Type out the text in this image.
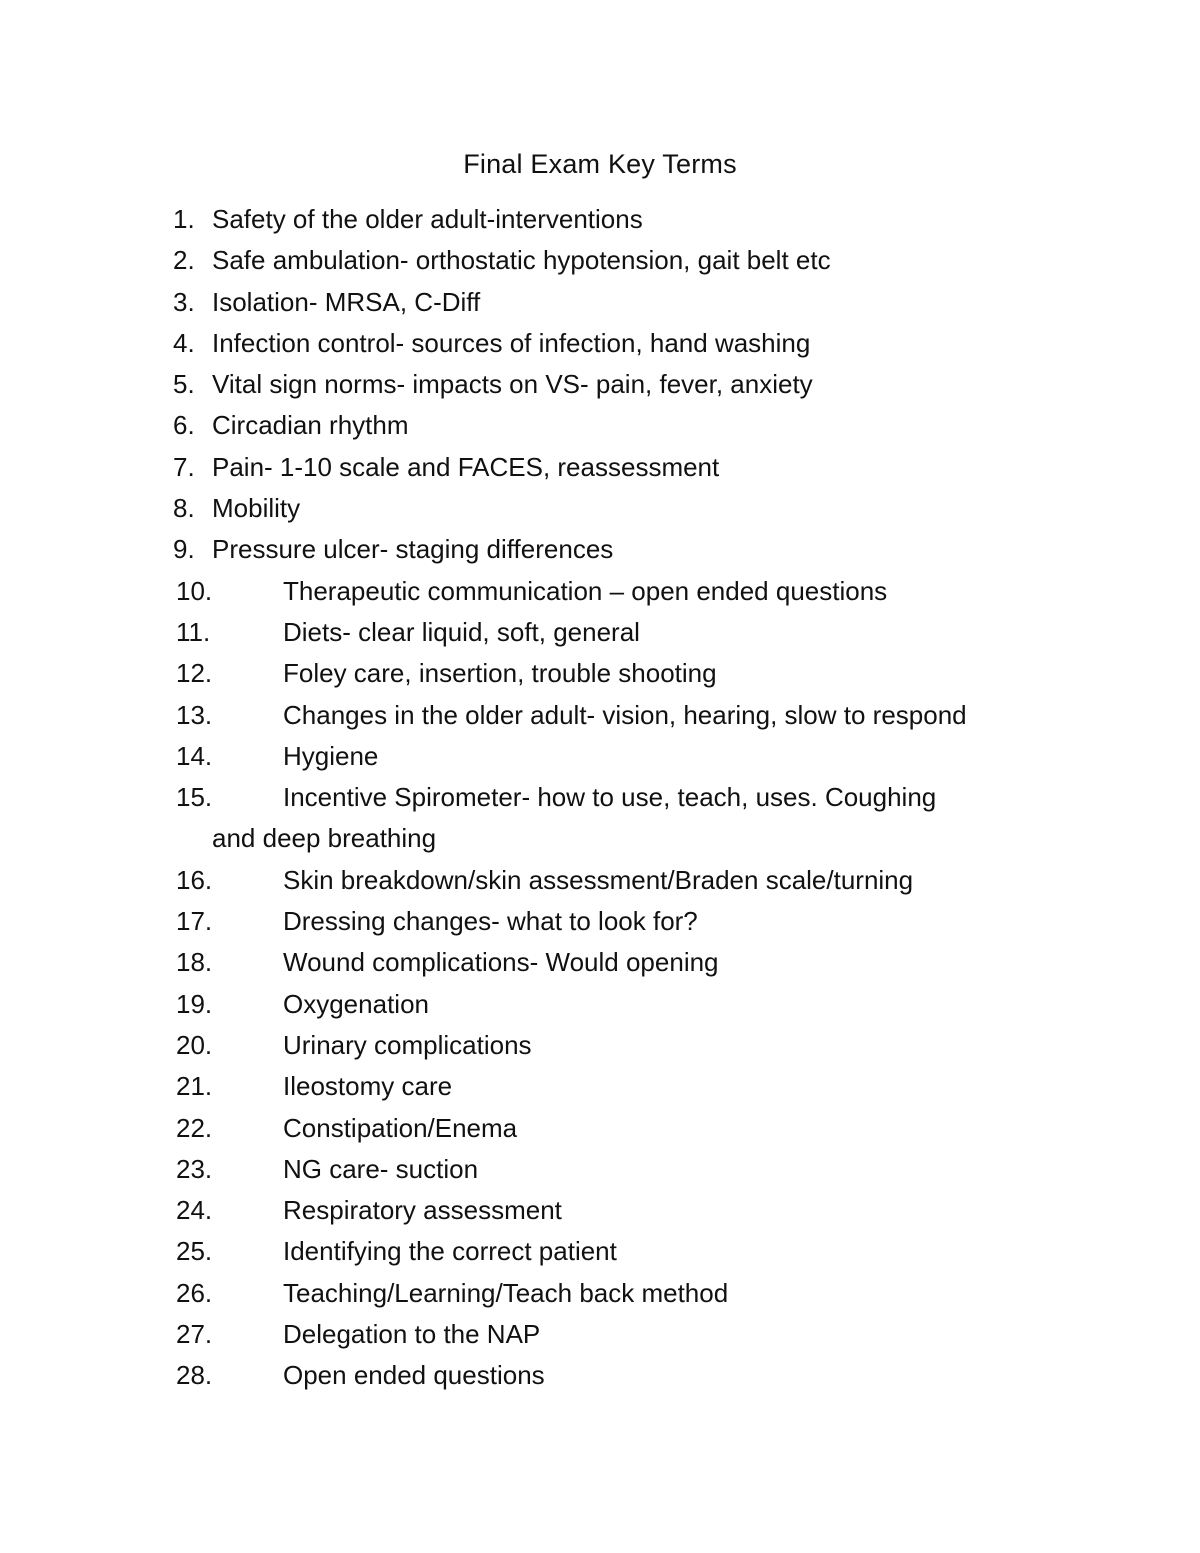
Final Exam Key Terms
1. Safety of the older adult-interventions
2. Safe ambulation- orthostatic hypotension, gait belt etc
3. Isolation- MRSA, C-Diff
4. Infection control- sources of infection, hand washing
5. Vital sign norms- impacts on VS- pain, fever, anxiety
6. Circadian rhythm
7. Pain- 1-10 scale and FACES, reassessment
8. Mobility
9. Pressure ulcer- staging differences
10.	Therapeutic communication – open ended questions
11.	Diets- clear liquid, soft, general
12.	Foley care, insertion, trouble shooting
13.	Changes in the older adult- vision, hearing, slow to respond
14.	Hygiene
15.	Incentive Spirometer- how to use, teach, uses. Coughing
and deep breathing
16.	Skin breakdown/skin assessment/Braden scale/turning
17.	Dressing changes- what to look for?
18.	Wound complications- Would opening
19.	Oxygenation
20.	Urinary complications
21.	Ileostomy care
22.	Constipation/Enema
23.	NG care- suction
24.	Respiratory assessment
25.	Identifying the correct patient
26.	Teaching/Learning/Teach back method
27.	Delegation to the NAP
28.	Open ended questions
